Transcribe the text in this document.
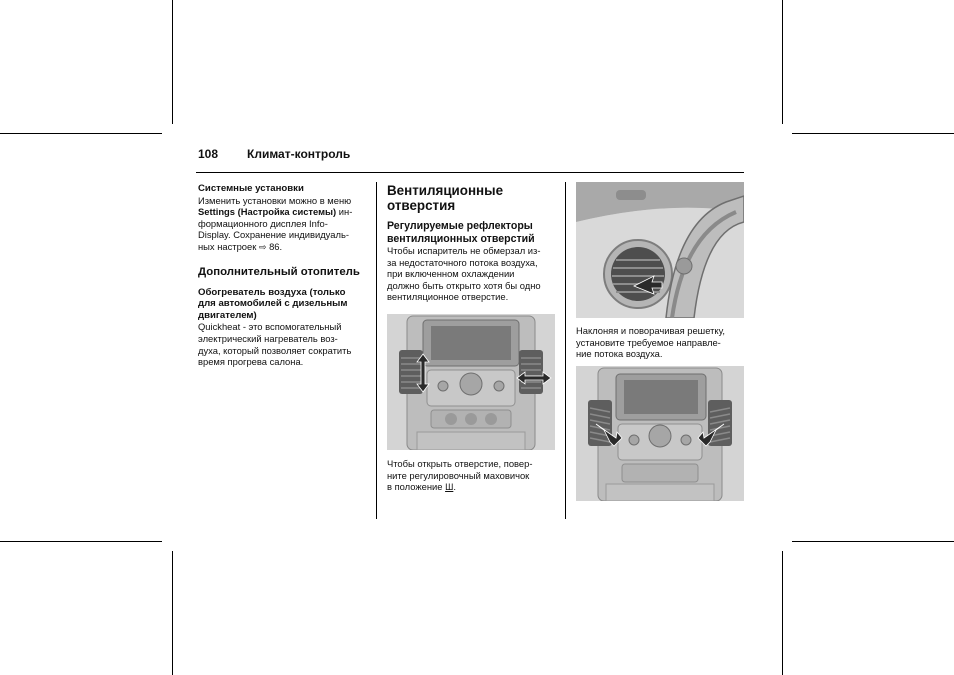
108 Климат-контроль

Системные установки

Изменить установки можно в меню

Settings (Настройка системы) ин-

формационного дисплея Info-

Display. Сохранение индивидуаль-

ных настроек ⇨ 86.

Дополнительный отопитель

Обогреватель воздуха (только

для автомобилей с дизельным

двигателем)

Quickheat - это вспомогательный

электрический нагреватель воз-

духа, который позволяет сократить

время прогрева салона.

Вентиляционные

отверстия

Регулируемые рефлекторы

вентиляционных отверстий

Чтобы испаритель не обмерзал из-

за недостаточного потока воздуха,

при включенном охлаждении

должно быть открыто хотя бы одно

вентиляционное отверстие.

Чтобы открыть отверстие, повер-

ните регулировочный маховичок

в положение Ш.

Наклоняя и поворачивая решетку,

установите требуемое направле-

ние потока воздуха.
